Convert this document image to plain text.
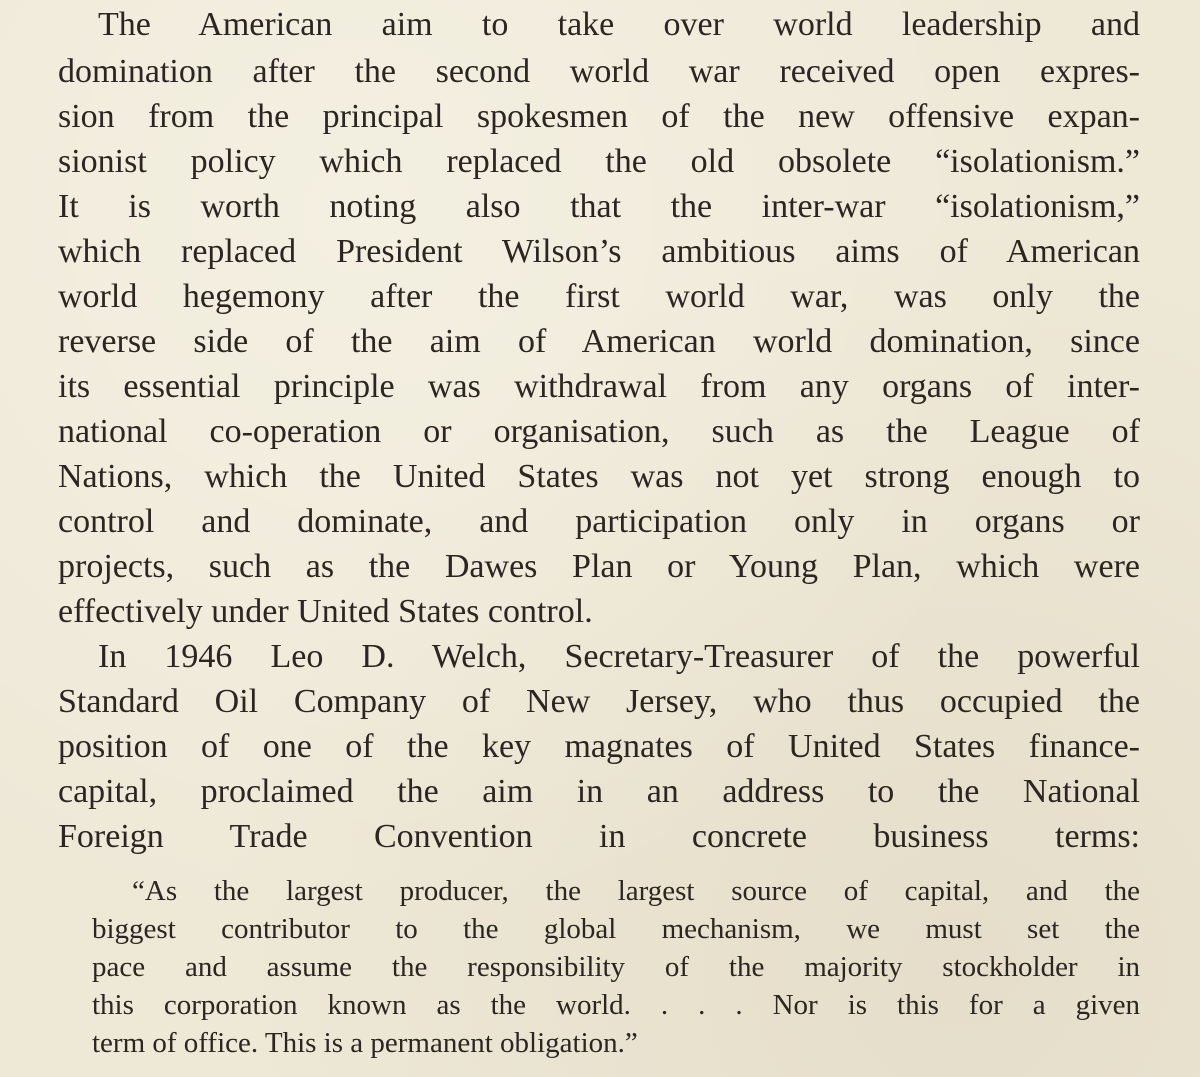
The American aim to take over world leadership and
domination after the second world war received open expres-
sion from the principal spokesmen of the new offensive expan-
sionist policy which replaced the old obsolete “isolationism.”
It is worth noting also that the inter-war “isolationism,”
which replaced President Wilson’s ambitious aims of American
world hegemony after the first world war, was only the
reverse side of the aim of American world domination, since
its essential principle was withdrawal from any organs of inter-
national co-operation or organisation, such as the League of
Nations, which the United States was not yet strong enough to
control and dominate, and participation only in organs or
projects, such as the Dawes Plan or Young Plan, which were
effectively under United States control.
In 1946 Leo D. Welch, Secretary-Treasurer of the powerful
Standard Oil Company of New Jersey, who thus occupied the
position of one of the key magnates of United States finance-
capital, proclaimed the aim in an address to the National
Foreign Trade Convention in concrete business terms:
“As the largest producer, the largest source of capital, and the
biggest contributor to the global mechanism, we must set the
pace and assume the responsibility of the majority stockholder in
this corporation known as the world. . . . Nor is this for a given
term of office. This is a permanent obligation.”
